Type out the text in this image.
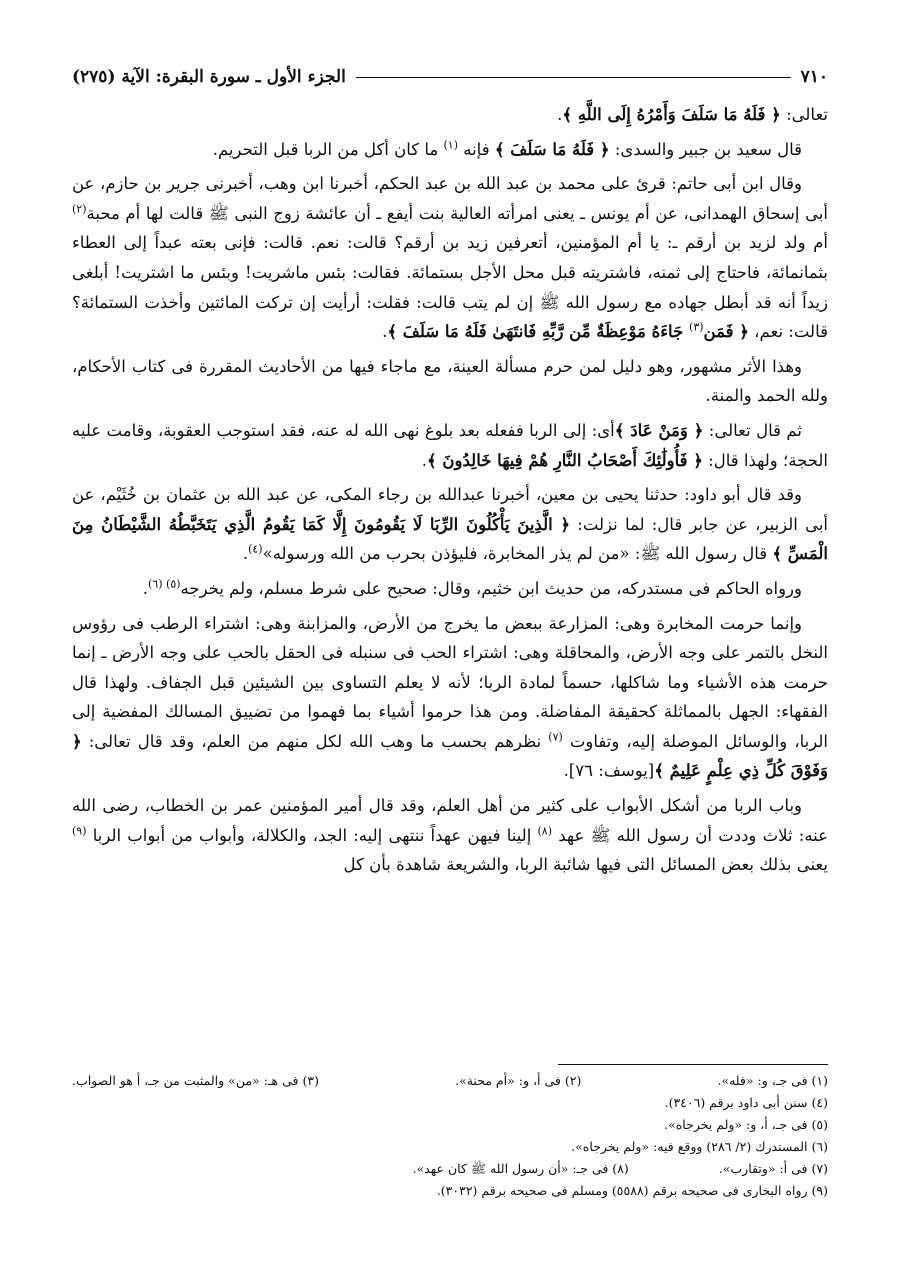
٧١٠
الجزء الأول ـ سورة البقرة: الآية (٢٧٥)

تعالى: ﴿ فَلَهُ مَا سَلَفَ وَأَمْرُهُ إِلَى اللَّهِ ﴾.

قال سعيد بن جبير والسدى: ﴿ فَلَهُ مَا سَلَفَ ﴾ فإنه $^{(١)}$ ما كان أكل من الربا قبل التحريم.

وقال ابن أبى حاتم: قرئ على محمد بن عبد الله بن عبد الحكم، أخبرنا ابن وهب، أخبرنى جرير بن حازم، عن أبى إسحاق الهمدانى، عن أم يونس ـ يعنى امرأته العالية بنت أيفع ـ أن عائشة زوج النبى ﷺ قالت لها أم محبة$^{(٢)}$ أم ولد لزيد بن أرقم ـ: يا أم المؤمنين، أتعرفين زيد بن أرقم؟ قالت: نعم. قالت: فإنى بعته عبداً إلى العطاء بثمانمائة، فاحتاج إلى ثمنه، فاشتريته قبل محل الأجل بستمائة. فقالت: بئس ماشريت! وبئس ما اشتريت! أبلغى زيداً أنه قد أبطل جهاده مع رسول الله ﷺ إن لم يتب قالت: فقلت: أرأيت إن تركت المائتين وأخذت الستمائة؟ قالت: نعم، ﴿ فَمَن$^{(٣)}$ جَاءَهُ مَوْعِظَةٌ مِّن رَّبِّهِ فَانتَهَىٰ فَلَهُ مَا سَلَفَ ﴾.

وهذا الأثر مشهور، وهو دليل لمن حرم مسألة العينة، مع ماجاء فيها من الأحاديث المقررة فى كتاب الأحكام، ولله الحمد والمنة.

ثم قال تعالى: ﴿ وَمَنْ عَادَ ﴾أى: إلى الربا ففعله بعد بلوغ نهى الله له عنه، فقد استوجب العقوبة، وقامت عليه الحجة؛ ولهذا قال: ﴿ فَأُولَٰئِكَ أَصْحَابُ النَّارِ هُمْ فِيهَا خَالِدُونَ ﴾.

وقد قال أبو داود: حدثنا يحيى بن معين، أخبرنا عبدالله بن رجاء المكى، عن عبد الله بن عثمان بن خُثَيْم، عن أبى الزبير، عن جابر قال: لما نزلت: ﴿ الَّذِينَ يَأْكُلُونَ الرِّبَا لَا يَقُومُونَ إِلَّا كَمَا يَقُومُ الَّذِي يَتَخَبَّطُهُ الشَّيْطَانُ مِنَ الْمَسِّ ﴾ قال رسول الله ﷺ: «من لم يذر المخابرة، فليؤذن بحرب من الله ورسوله»$^{(٤)}$.

ورواه الحاكم فى مستدركه، من حديث ابن خثيم، وقال: صحيح على شرط مسلم، ولم يخرجه$^{(٥) (٦)}$.

وإنما حرمت المخابرة وهى: المزارعة ببعض ما يخرج من الأرض، والمزابنة وهى: اشتراء الرطب فى رؤوس النخل بالتمر على وجه الأرض، والمحاقلة وهى: اشتراء الحب فى سنبله فى الحقل بالحب على وجه الأرض ـ إنما حرمت هذه الأشياء وما شاكلها، حسماً لمادة الربا؛ لأنه لا يعلم التساوى بين الشيئين قبل الجفاف. ولهذا قال الفقهاء: الجهل بالمماثلة كحقيقة المفاضلة. ومن هذا حرموا أشياء بما فهموا من تضييق المسالك المفضية إلى الربا، والوسائل الموصلة إليه، وتفاوت $^{(٧)}$ نظرهم بحسب ما وهب الله لكل منهم من العلم، وقد قال تعالى: ﴿ وَفَوْقَ كُلِّ ذِي عِلْمٍ عَلِيمٌ ﴾[يوسف: ٧٦].

وباب الربا من أشكل الأبواب على كثير من أهل العلم، وقد قال أمير المؤمنين عمر بن الخطاب، رضى الله عنه: ثلاث وددت أن رسول الله ﷺ عهد $^{(٨)}$ إلينا فيهن عهداً ننتهى إليه: الجد، والكلالة، وأبواب من أبواب الربا $^{(٩)}$ يعنى بذلك بعض المسائل التى فيها شائبة الربا، والشريعة شاهدة بأن كل

(١) فى جـ، و: «فله».
(٢) فى أ، و: «أم محنة».
(٣) فى هـ: «من» والمثبت من جـ، أ هو الصواب.
(٤) سنن أبى داود برقم (٣٤٠٦).
(٥) فى جـ، أ، و: «ولم يخرجاه».
(٦) المستدرك (٢/ ٢٨٦) ووقع فيه: «ولم يخرجاه».
(٧) فى أ: «وتقارب».
(٨) فى جـ: «أن رسول الله ﷺ كان عهد».
(٩) رواه البخارى فى صحيحه برقم (٥٥٨٨) ومسلم فى صحيحه برقم (٣٠٣٢).
